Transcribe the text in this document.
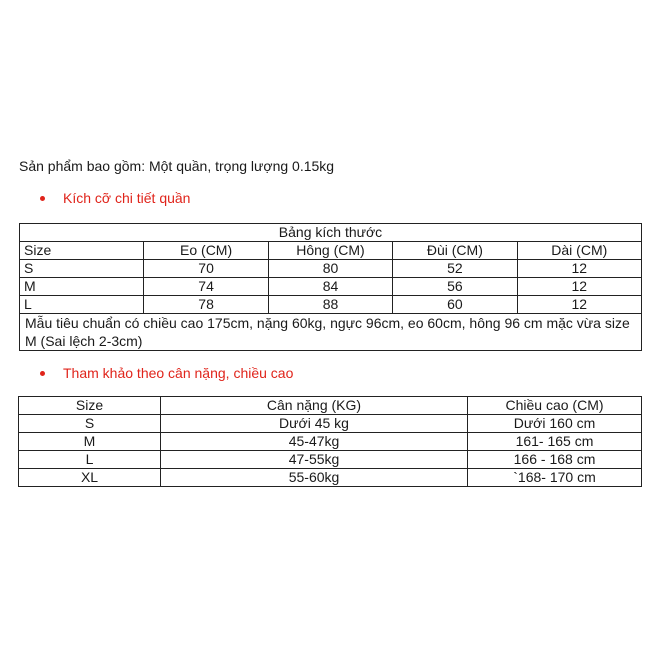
Sản phẩm bao gồm: Một quần, trọng lượng 0.15kg
Kích cỡ chi tiết quần
Bảng kích thước				
Size	Eo (CM)	Hông (CM)	Đùi (CM)	Dài (CM)
S	70	80	52	12
M	74	84	56	12
L	78	88	60	12
Mẫu tiêu chuẩn có chiều cao 175cm, nặng 60kg, ngực 96cm, eo 60cm, hông 96 cm mặc vừa size M (Sai lệch 2-3cm)				
Tham khảo theo cân nặng, chiều cao
Size	Cân nặng (KG)	Chiều cao (CM)
S	Dưới 45 kg	Dưới 160 cm
M	45-47kg	161- 165 cm
L	47-55kg	166 - 168 cm
XL	55-60kg	`168- 170 cm
